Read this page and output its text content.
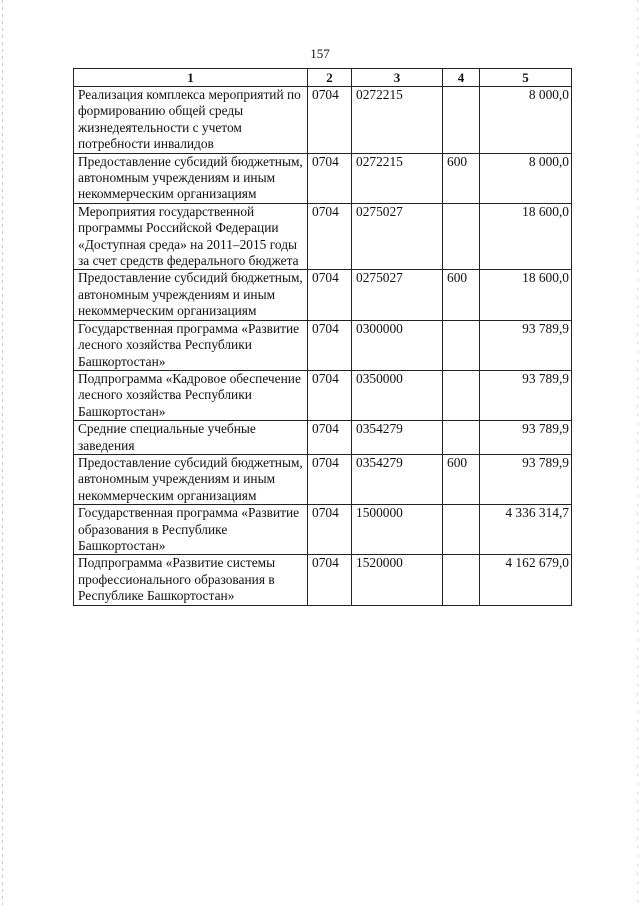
157
1	2	3	4	5
Реализация комплекса мероприятий по формированию общей среды жизнедеятельности с учетом потребности инвалидов	0704	0272215		8 000,0
Предоставление субсидий бюджетным, автономным учреждениям и иным некоммерческим организациям	0704	0272215	600	8 000,0
Мероприятия государственной программы Российской Федерации «Доступная среда» на 2011–2015 годы за счет средств федерального бюджета	0704	0275027		18 600,0
Предоставление субсидий бюджетным, автономным учреждениям и иным некоммерческим организациям	0704	0275027	600	18 600,0
Государственная программа «Развитие лесного хозяйства Республики Башкортостан»	0704	0300000		93 789,9
Подпрограмма «Кадровое обеспечение лесного хозяйства Республики Башкортостан»	0704	0350000		93 789,9
Средние специальные учебные заведения	0704	0354279		93 789,9
Предоставление субсидий бюджетным, автономным учреждениям и иным некоммерческим организациям	0704	0354279	600	93 789,9
Государственная программа «Развитие образования в Республике Башкортостан»	0704	1500000		4 336 314,7
Подпрограмма «Развитие системы профессионального образования в Республике Башкортостан»	0704	1520000		4 162 679,0
